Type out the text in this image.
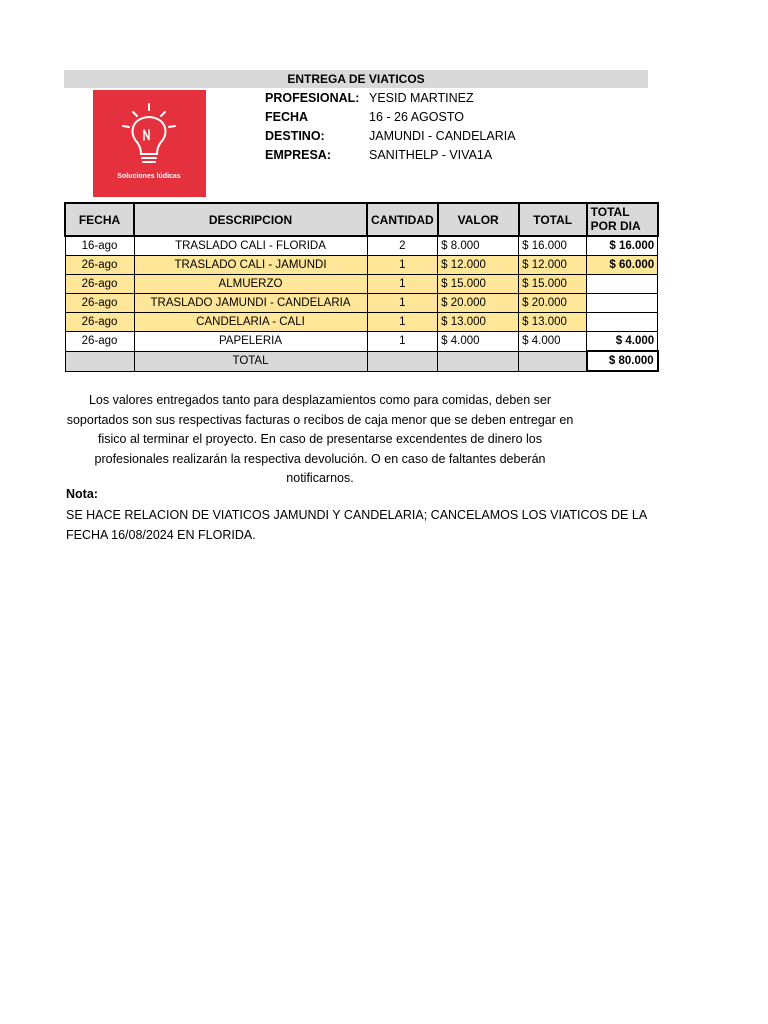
ENTREGA DE VIATICOS
Soluciones lúdicas
PROFESIONAL: YESID MARTINEZ
FECHA	16 - 26 AGOSTO
DESTINO:	JAMUNDI - CANDELARIA
EMPRESA:	SANITHELP - VIVA1A
FECHA	DESCRIPCION	CANTIDAD	VALOR	TOTAL	TOTAL POR DIA
16-ago	TRASLADO CALI - FLORIDA	2	$ 8.000	$ 16.000	$ 16.000
26-ago	TRASLADO CALI - JAMUNDI	1	$ 12.000	$ 12.000	$ 60.000
26-ago	ALMUERZO	1	$ 15.000	$ 15.000	
26-ago	TRASLADO JAMUNDI - CANDELARIA	1	$ 20.000	$ 20.000	
26-ago	CANDELARIA - CALI	1	$ 13.000	$ 13.000	
26-ago	PAPELERIA	1	$ 4.000	$ 4.000	$ 4.000
	TOTAL				$ 80.000
Los valores entregados tanto para desplazamientos como para comidas, deben ser soportados son sus respectivas facturas o recibos de caja menor que se deben entregar en fisico al terminar el proyecto. En caso de presentarse excendentes de dinero los profesionales realizarán la respectiva devolución. O en caso de faltantes deberán notificarnos.
Nota:
SE HACE RELACION DE VIATICOS JAMUNDI Y CANDELARIA; CANCELAMOS LOS VIATICOS DE LA FECHA 16/08/2024 EN FLORIDA.
